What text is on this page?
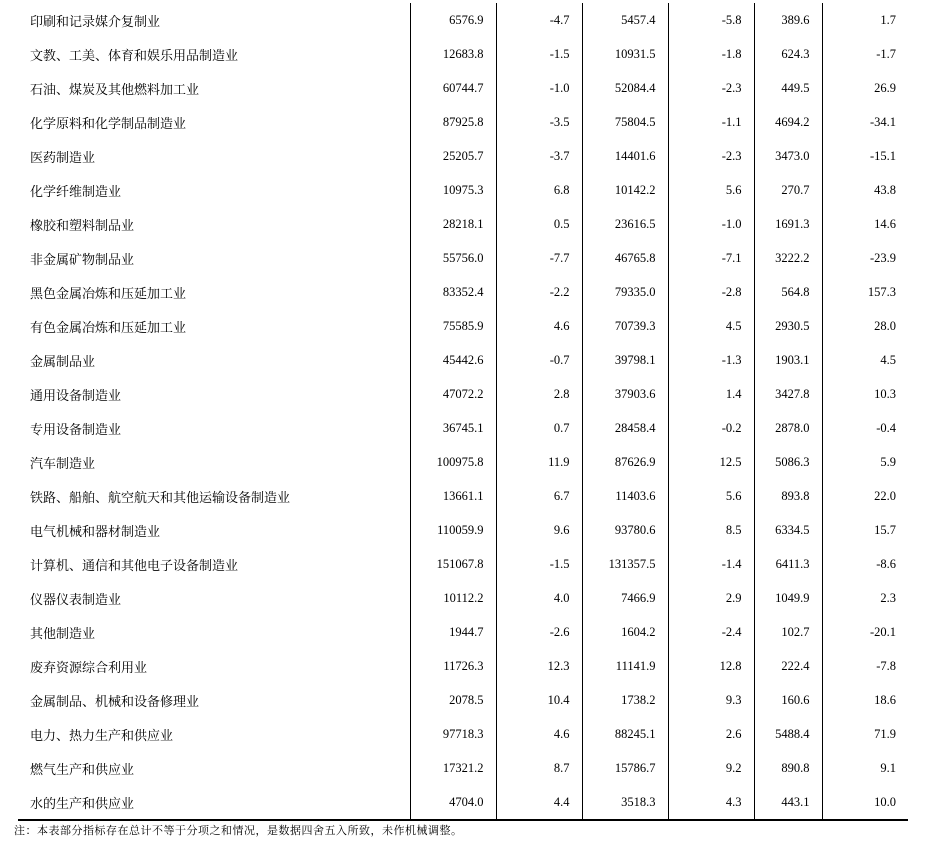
印刷和记录媒介复制业	6576.9	-4.7	5457.4	-5.8	389.6	1.7
文教、工美、体育和娱乐用品制造业	12683.8	-1.5	10931.5	-1.8	624.3	-1.7
石油、煤炭及其他燃料加工业	60744.7	-1.0	52084.4	-2.3	449.5	26.9
化学原料和化学制品制造业	87925.8	-3.5	75804.5	-1.1	4694.2	-34.1
医药制造业	25205.7	-3.7	14401.6	-2.3	3473.0	-15.1
化学纤维制造业	10975.3	6.8	10142.2	5.6	270.7	43.8
橡胶和塑料制品业	28218.1	0.5	23616.5	-1.0	1691.3	14.6
非金属矿物制品业	55756.0	-7.7	46765.8	-7.1	3222.2	-23.9
黑色金属冶炼和压延加工业	83352.4	-2.2	79335.0	-2.8	564.8	157.3
有色金属冶炼和压延加工业	75585.9	4.6	70739.3	4.5	2930.5	28.0
金属制品业	45442.6	-0.7	39798.1	-1.3	1903.1	4.5
通用设备制造业	47072.2	2.8	37903.6	1.4	3427.8	10.3
专用设备制造业	36745.1	0.7	28458.4	-0.2	2878.0	-0.4
汽车制造业	100975.8	11.9	87626.9	12.5	5086.3	5.9
铁路、船舶、航空航天和其他运输设备制造业	13661.1	6.7	11403.6	5.6	893.8	22.0
电气机械和器材制造业	110059.9	9.6	93780.6	8.5	6334.5	15.7
计算机、通信和其他电子设备制造业	151067.8	-1.5	131357.5	-1.4	6411.3	-8.6
仪器仪表制造业	10112.2	4.0	7466.9	2.9	1049.9	2.3
其他制造业	1944.7	-2.6	1604.2	-2.4	102.7	-20.1
废弃资源综合利用业	11726.3	12.3	11141.9	12.8	222.4	-7.8
金属制品、机械和设备修理业	2078.5	10.4	1738.2	9.3	160.6	18.6
电力、热力生产和供应业	97718.3	4.6	88245.1	2.6	5488.4	71.9
燃气生产和供应业	17321.2	8.7	15786.7	9.2	890.8	9.1
水的生产和供应业	4704.0	4.4	3518.3	4.3	443.1	10.0
注：本表部分指标存在总计不等于分项之和情况，是数据四舍五入所致，未作机械调整。
